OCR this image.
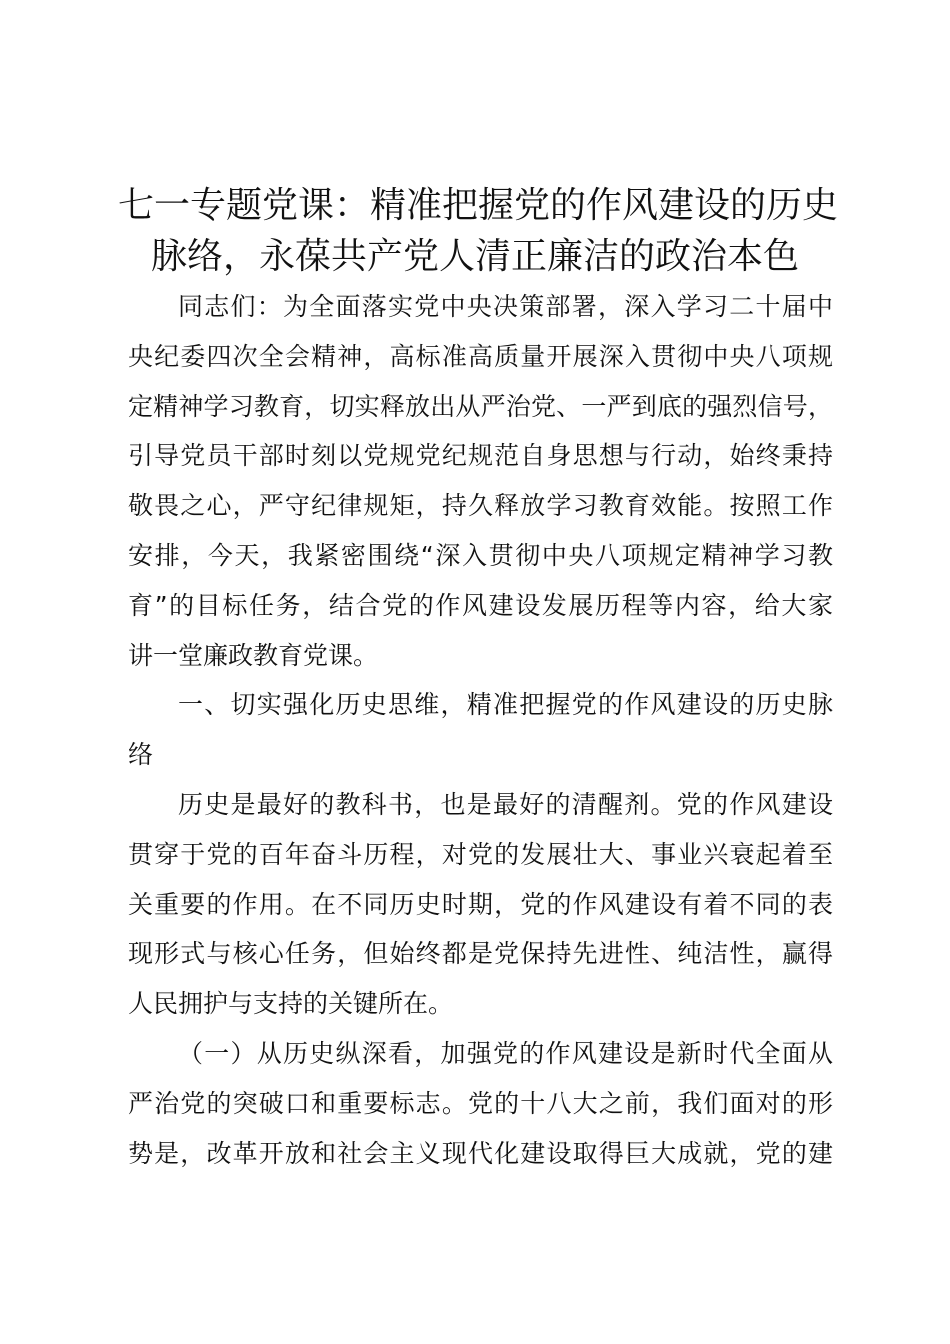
七一专题党课：精准把握党的作风建设的历史
脉络，永葆共产党人清正廉洁的政治本色
同志们：为全面落实党中央决策部署，深入学习二十届中
央纪委四次全会精神，高标准高质量开展深入贯彻中央八项规
定精神学习教育，切实释放出从严治党、一严到底的强烈信号，
引导党员干部时刻以党规党纪规范自身思想与行动，始终秉持
敬畏之心，严守纪律规矩，持久释放学习教育效能。按照工作
安排，今天，我紧密围绕“深入贯彻中央八项规定精神学习教
育”的目标任务，结合党的作风建设发展历程等内容，给大家
讲一堂廉政教育党课。
一、切实强化历史思维，精准把握党的作风建设的历史脉
络
历史是最好的教科书，也是最好的清醒剂。党的作风建设
贯穿于党的百年奋斗历程，对党的发展壮大、事业兴衰起着至
关重要的作用。在不同历史时期，党的作风建设有着不同的表
现形式与核心任务，但始终都是党保持先进性、纯洁性，赢得
人民拥护与支持的关键所在。
（一）从历史纵深看，加强党的作风建设是新时代全面从
严治党的突破口和重要标志。党的十八大之前，我们面对的形
势是，改革开放和社会主义现代化建设取得巨大成就，党的建
